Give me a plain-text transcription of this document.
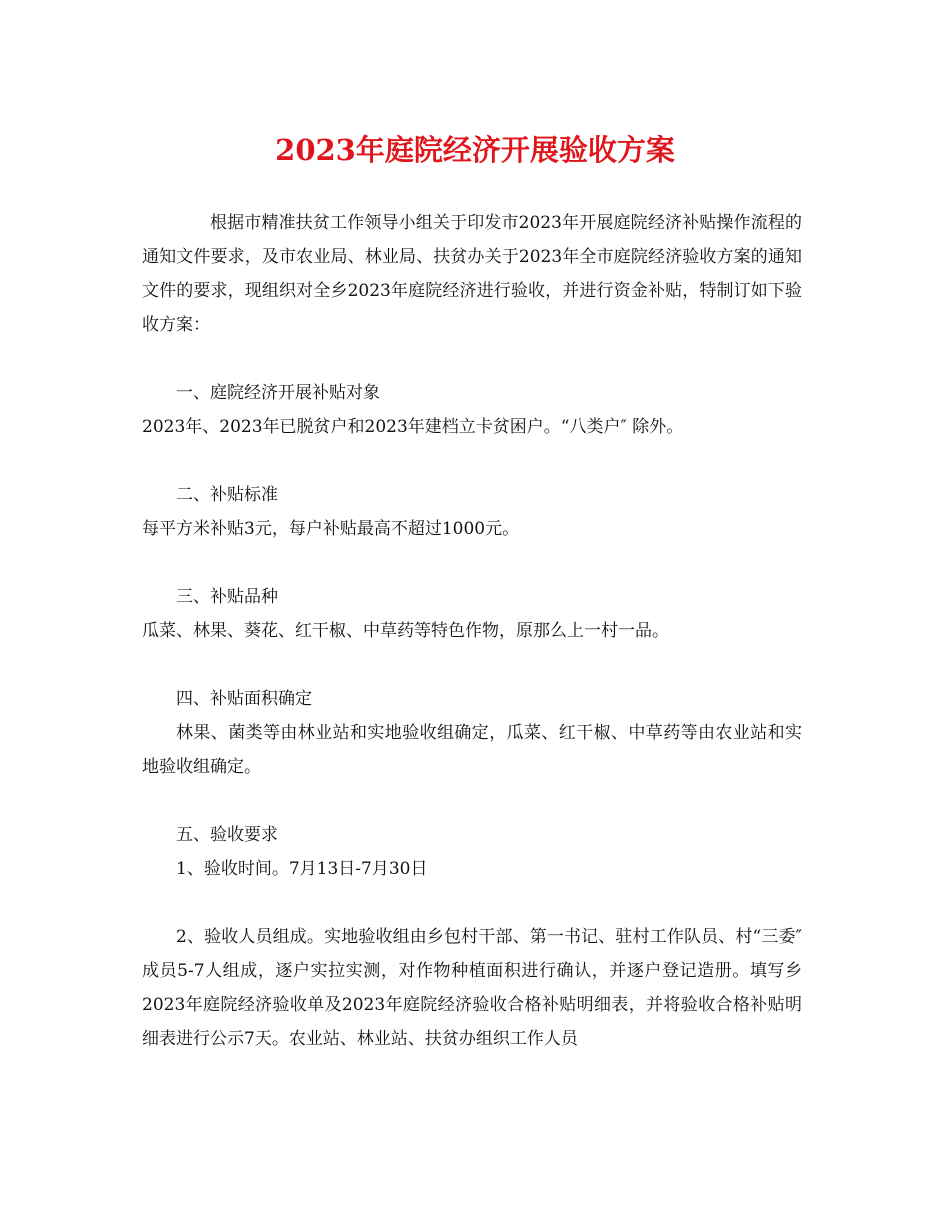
2023年庭院经济开展验收方案

根据市精准扶贫工作领导小组关于印发市2023年开展庭院经济补贴操作流程的通知文件要求，及市农业局、林业局、扶贫办关于2023年全市庭院经济验收方案的通知文件的要求，现组织对全乡2023年庭院经济进行验收，并进行资金补贴，特制订如下验收方案：

一、庭院经济开展补贴对象

2023年、2023年已脱贫户和2023年建档立卡贫困户。“八类户″ 除外。

二、补贴标准

每平方米补贴3元，每户补贴最高不超过1000元。

三、补贴品种

瓜菜、林果、葵花、红干椒、中草药等特色作物，原那么上一村一品。

四、补贴面积确定

林果、菌类等由林业站和实地验收组确定，瓜菜、红干椒、中草药等由农业站和实地验收组确定。

五、验收要求

1、验收时间。7月13日-7月30日

2、验收人员组成。实地验收组由乡包村干部、第一书记、驻村工作队员、村“三委″ 成员5-7人组成，逐户实拉实测，对作物种植面积进行确认，并逐户登记造册。填写乡2023年庭院经济验收单及2023年庭院经济验收合格补贴明细表，并将验收合格补贴明细表进行公示7天。农业站、林业站、扶贫办组织工作人员
